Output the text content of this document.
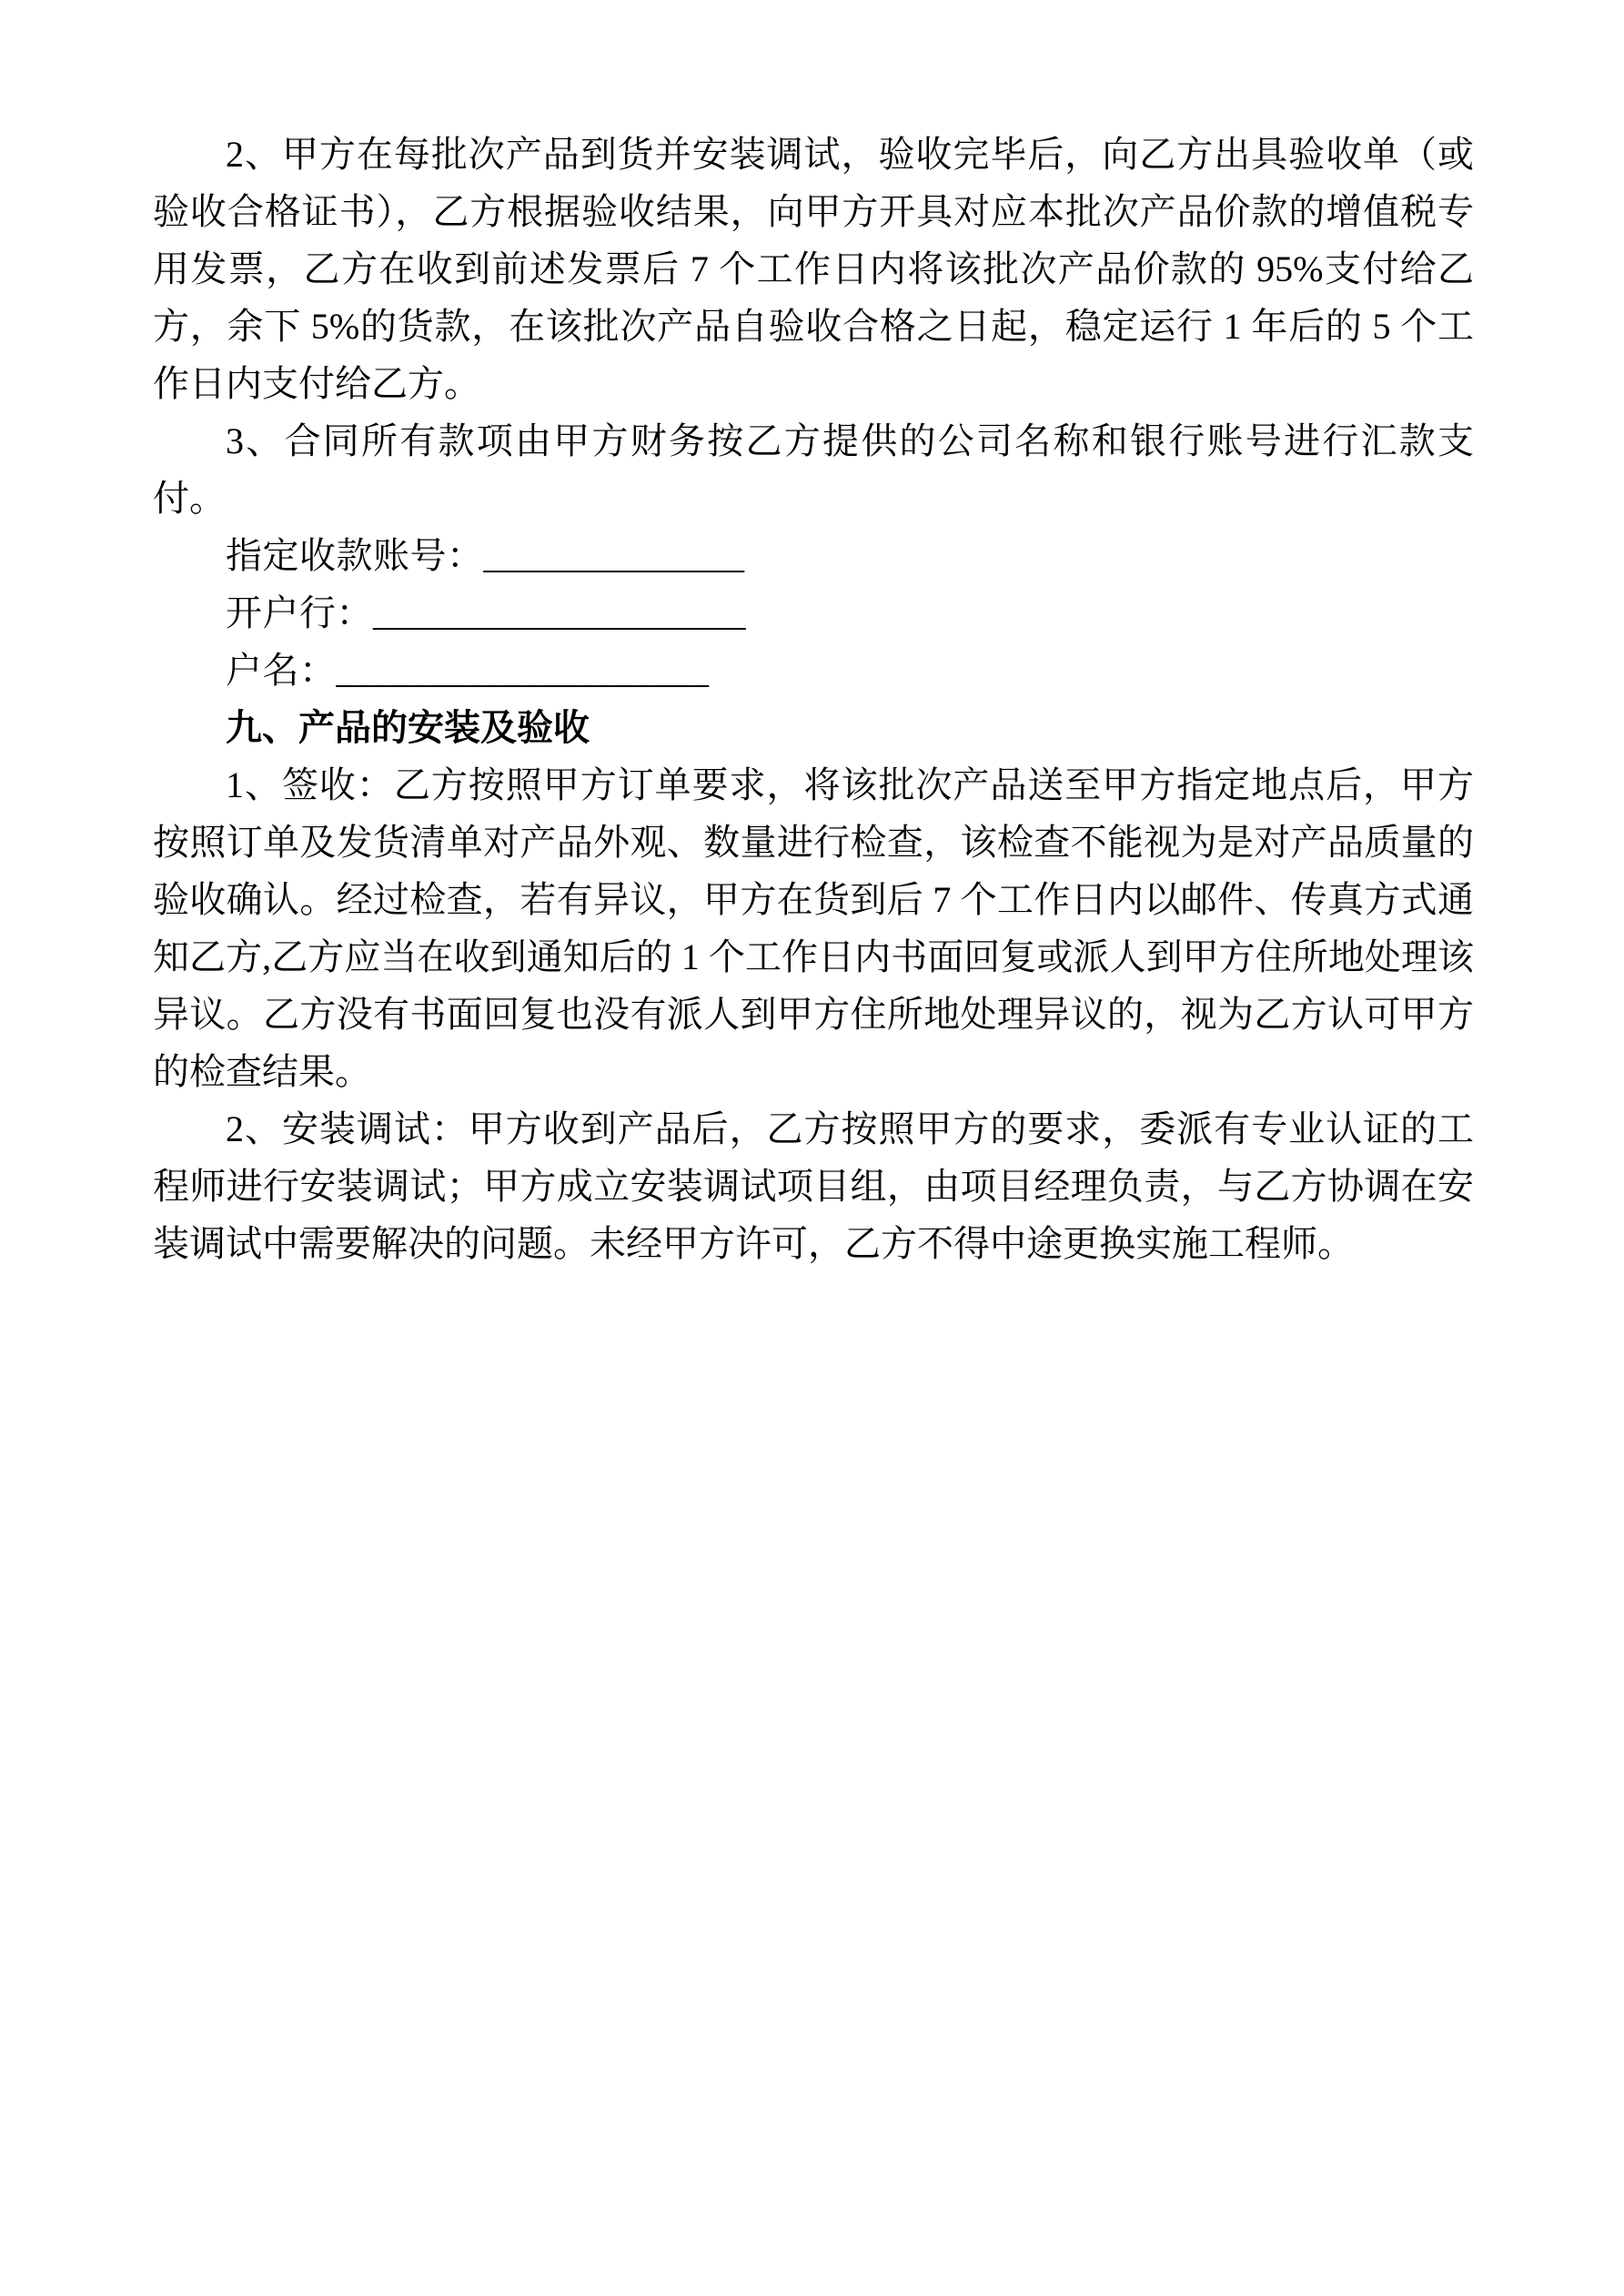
2、甲方在每批次产品到货并安装调试，验收完毕后，向乙方出具验收单（或验收合格证书），乙方根据验收结果，向甲方开具对应本批次产品价款的增值税专用发票，乙方在收到前述发票后 7 个工作日内将该批次产品价款的 95%支付给乙方，余下 5%的货款，在该批次产品自验收合格之日起，稳定运行 1 年后的 5 个工作日内支付给乙方。

3、合同所有款项由甲方财务按乙方提供的公司名称和银行账号进行汇款支付。

指定收款账号：______________

开户行：____________________

户名：____________________

九、产品的安装及验收

1、签收：乙方按照甲方订单要求，将该批次产品送至甲方指定地点后，甲方按照订单及发货清单对产品外观、数量进行检查，该检查不能视为是对产品质量的验收确认。经过检查，若有异议，甲方在货到后 7 个工作日内以邮件、传真方式通知乙方,乙方应当在收到通知后的 1 个工作日内书面回复或派人到甲方住所地处理该异议。乙方没有书面回复也没有派人到甲方住所地处理异议的，视为乙方认可甲方的检查结果。

2、安装调试：甲方收到产品后，乙方按照甲方的要求，委派有专业认证的工程师进行安装调试；甲方成立安装调试项目组，由项目经理负责，与乙方协调在安装调试中需要解决的问题。未经甲方许可，乙方不得中途更换实施工程师。
